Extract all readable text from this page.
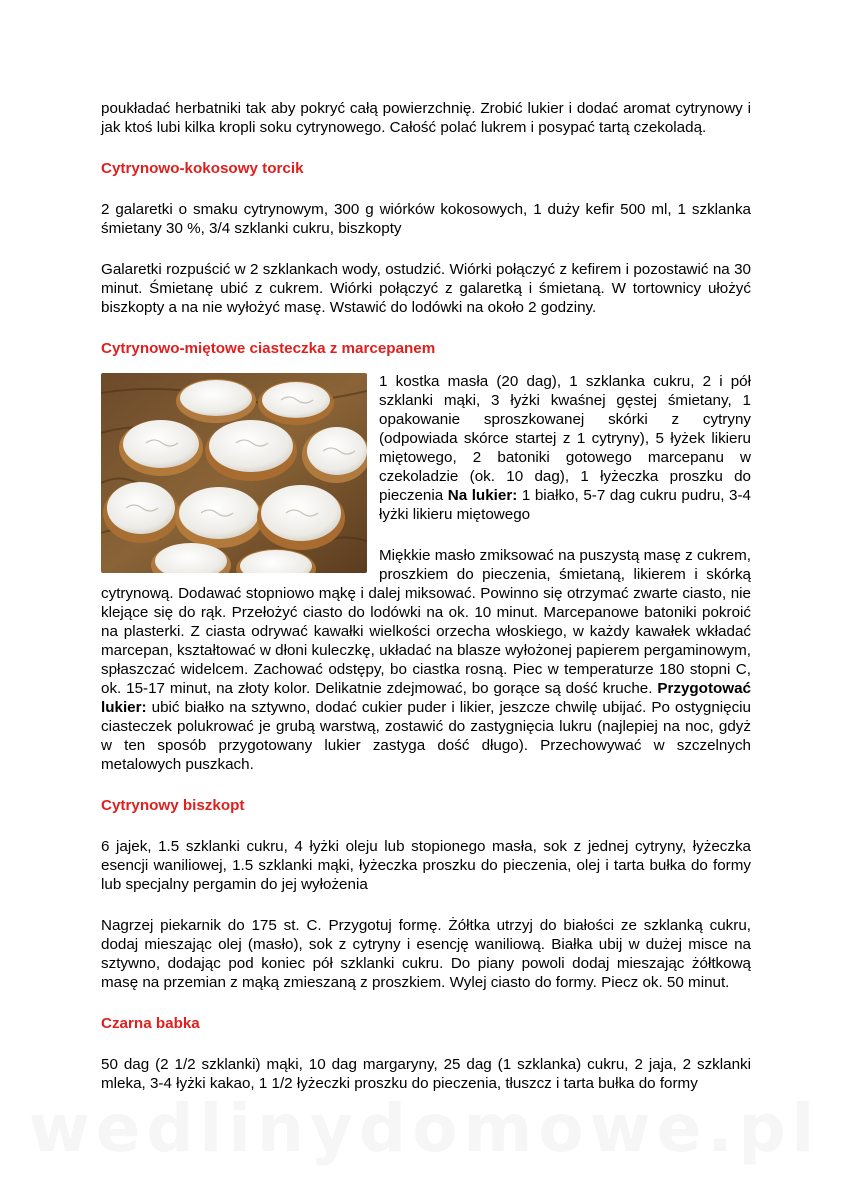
poukładać herbatniki tak aby pokryć całą powierzchnię. Zrobić lukier i dodać aromat cytrynowy i jak ktoś lubi kilka kropli soku cytrynowego. Całość polać lukrem i posypać tartą czekoladą.

Cytrynowo-kokosowy torcik

2 galaretki o smaku cytrynowym, 300 g wiórków kokosowych, 1 duży kefir 500 ml, 1 szklanka śmietany 30 %, 3/4 szklanki cukru, biszkopty

Galaretki rozpuścić w 2 szklankach wody, ostudzić. Wiórki połączyć z kefirem i pozostawić na 30 minut. Śmietanę ubić z cukrem. Wiórki połączyć z galaretką i śmietaną. W tortownicy ułożyć biszkopty a na nie wyłożyć masę. Wstawić do lodówki na około 2 godziny.

Cytrynowo-miętowe ciasteczka z marcepanem

1 kostka masła (20 dag), 1 szklanka cukru, 2 i pół szklanki mąki, 3 łyżki kwaśnej gęstej śmietany, 1 opakowanie sproszkowanej skórki z cytryny (odpowiada skórce startej z 1 cytryny), 5 łyżek likieru miętowego, 2 batoniki gotowego marcepanu w czekoladzie (ok. 10 dag), 1 łyżeczka proszku do pieczenia Na lukier: 1 białko, 5-7 dag cukru pudru, 3-4 łyżki likieru miętowego

Miękkie masło zmiksować na puszystą masę z cukrem, proszkiem do pieczenia, śmietaną, likierem i skórką cytrynową. Dodawać stopniowo mąkę i dalej miksować. Powinno się otrzymać zwarte ciasto, nie klejące się do rąk. Przełożyć ciasto do lodówki na ok. 10 minut. Marcepanowe batoniki pokroić na plasterki. Z ciasta odrywać kawałki wielkości orzecha włoskiego, w każdy kawałek wkładać marcepan, kształtować w dłoni kuleczkę, układać na blasze wyłożonej papierem pergaminowym, spłaszczać widelcem. Zachować odstępy, bo ciastka rosną. Piec w temperaturze 180 stopni C, ok. 15-17 minut, na złoty kolor. Delikatnie zdejmować, bo gorące są dość kruche. Przygotować lukier: ubić białko na sztywno, dodać cukier puder i likier, jeszcze chwilę ubijać. Po ostygnięciu ciasteczek polukrować je grubą warstwą, zostawić do zastygnięcia lukru (najlepiej na noc, gdyż w ten sposób przygotowany lukier zastyga dość długo). Przechowywać w szczelnych metalowych puszkach.

Cytrynowy biszkopt

6 jajek, 1.5 szklanki cukru, 4 łyżki oleju lub stopionego masła, sok z jednej cytryny, łyżeczka esencji waniliowej, 1.5 szklanki mąki, łyżeczka proszku do pieczenia, olej i tarta bułka do formy lub specjalny pergamin do jej wyłożenia

Nagrzej piekarnik do 175 st. C. Przygotuj formę. Żółtka utrzyj do białości ze szklanką cukru, dodaj mieszając olej (masło), sok z cytryny i esencję waniliową. Białka ubij w dużej misce na sztywno, dodając pod koniec pół szklanki cukru. Do piany powoli dodaj mieszając żółtkową masę na przemian z mąką zmieszaną z proszkiem. Wylej ciasto do formy. Piecz ok. 50 minut.

Czarna babka

50 dag (2 1/2 szklanki) mąki, 10 dag margaryny, 25 dag (1 szklanka) cukru, 2 jaja, 2 szklanki mleka, 3-4 łyżki kakao, 1 1/2 łyżeczki proszku do pieczenia, tłuszcz i tarta bułka do formy

wedlinydomowe.pl
